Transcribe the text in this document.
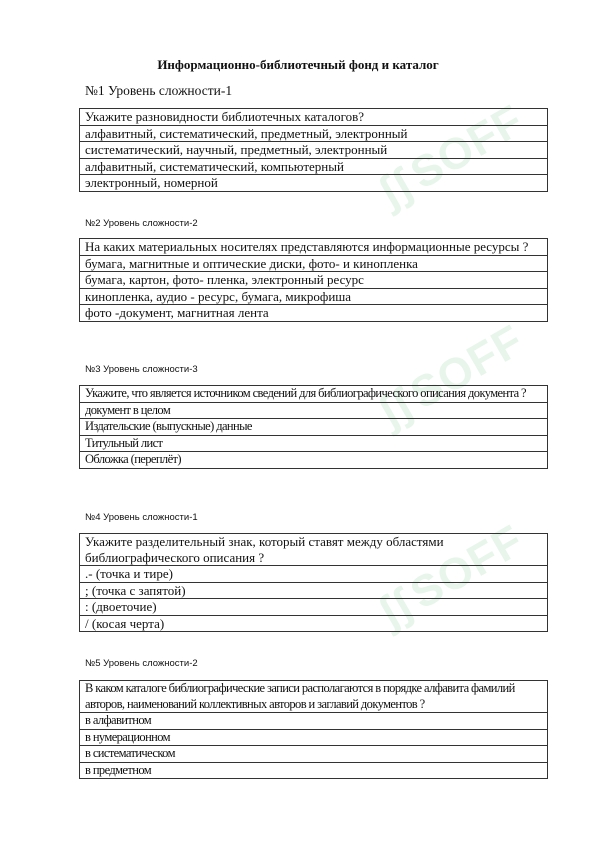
ʃʃSOFF
ʃʃSOFF
ʃʃSOFF
Информационно-библиотечный фонд и каталог
№1 Уровень сложности-1
Укажите разновидности библиотечных каталогов?
алфавитный, систематический, предметный, электронный
систематический, научный, предметный, электронный
алфавитный, систематический, компьютерный
электронный, номерной
№2 Уровень сложности-2
На каких материальных носителях представляются информационные ресурсы ?
бумага, магнитные и оптические диски, фото- и кинопленка
бумага, картон, фото- пленка, электронный ресурс
кинопленка, аудио - ресурс, бумага, микрофиша
фото -документ, магнитная лента
№3 Уровень сложности-3
Укажите, что является источником сведений для библиографического описания документа ?
документ в целом
Издательские (выпускные) данные
Титульный лист
Обложка (переплёт)
№4 Уровень сложности-1
Укажите разделительный знак, который ставят между областями библиографического описания ?
.- (точка и тире)
; (точка с запятой)
: (двоеточие)
/ (косая черта)
№5 Уровень сложности-2
В каком каталоге библиографические записи располагаются в порядке алфавита фамилий авторов, наименований коллективных авторов и заглавий документов ?
в алфавитном
в нумерационном
в систематическом
в предметном
